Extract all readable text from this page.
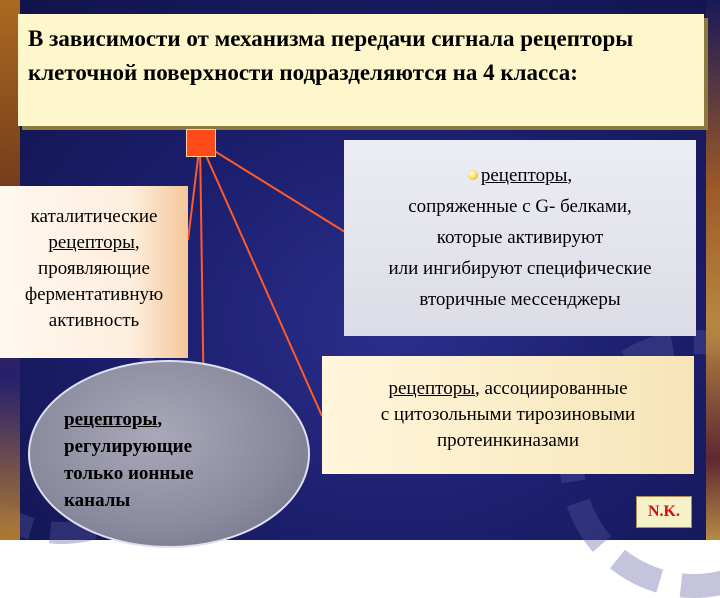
В зависимости от механизма передачи сигнала рецепторы клеточной поверхности подразделяются на 4 класса:
каталитические
рецепторы,
проявляющие
ферментативную
активность
рецепторы,
сопряженные с G- белками,
которые активируют
или ингибируют специфические
вторичные мессенджеры
рецепторы, ассоциированные
с цитозольными тирозиновыми
протеинкиназами
рецепторы,
регулирующие
только ионные
каналы
N.K.
